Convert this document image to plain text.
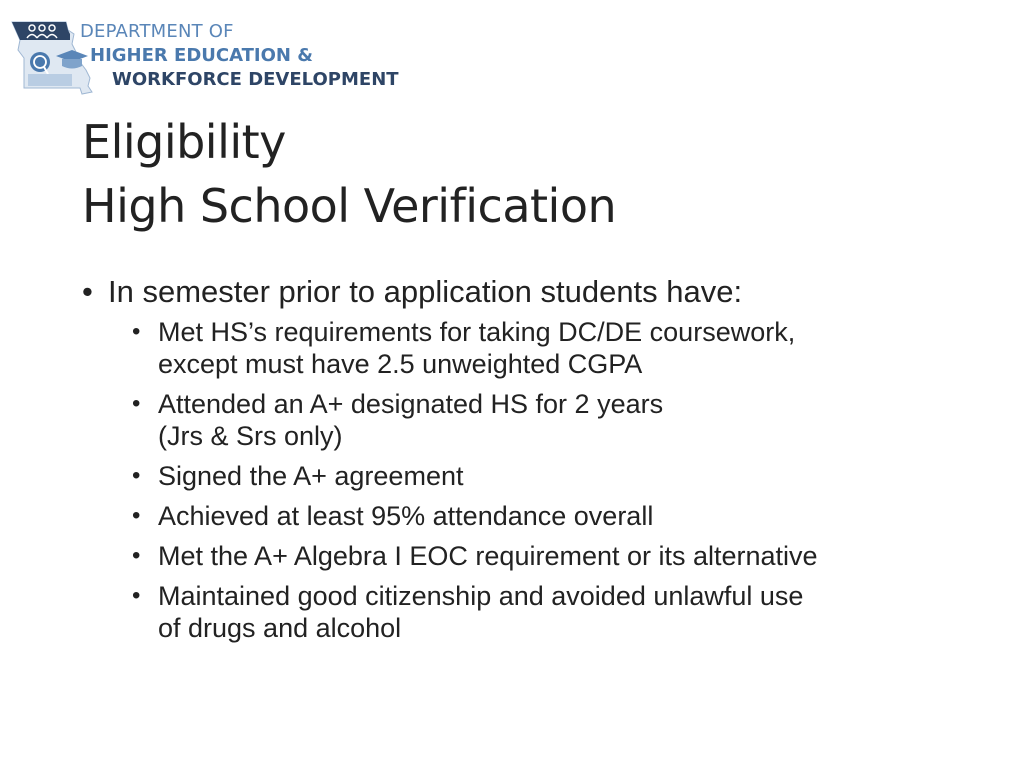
DEPARTMENT OF
HIGHER EDUCATION &
WORKFORCE DEVELOPMENT
Eligibility
High School Verification
• In semester prior to application students have:
• Met HS’s requirements for taking DC/DE coursework,
except must have 2.5 unweighted CGPA
• Attended an A+ designated HS for 2 years
(Jrs & Srs only)
• Signed the A+ agreement
• Achieved at least 95% attendance overall
• Met the A+ Algebra I EOC requirement or its alternative
• Maintained good citizenship and avoided unlawful use
of drugs and alcohol
